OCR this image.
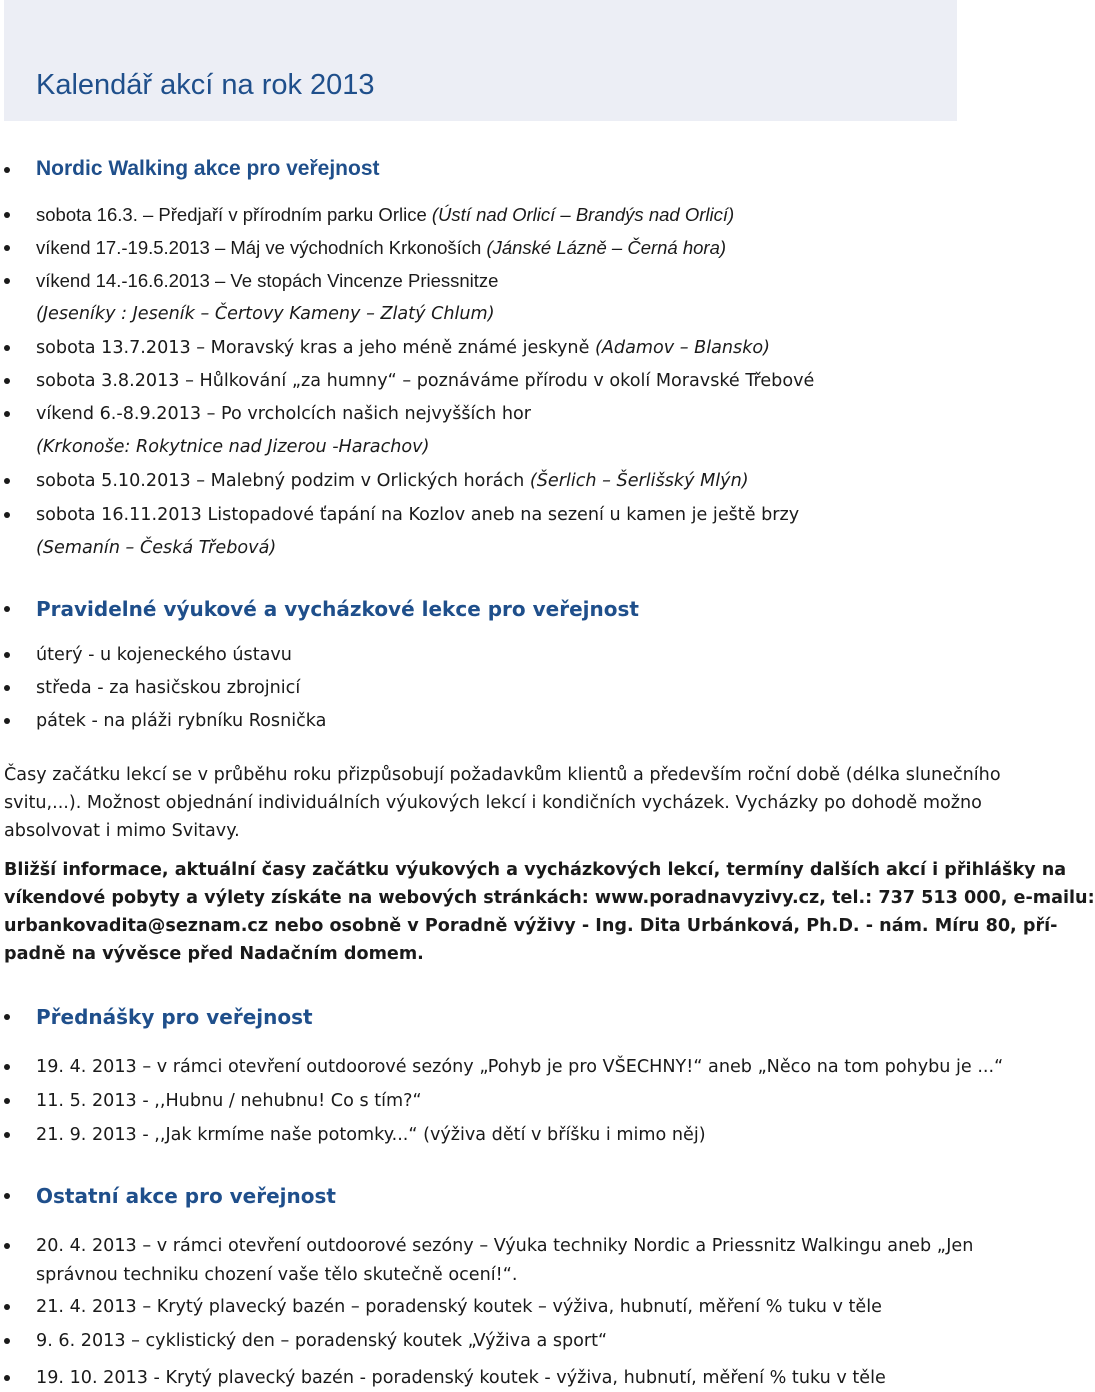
Kalendář akcí na rok 2013
Nordic Walking akce pro veřejnost
sobota 16.3. – Předjaří v přírodním parku Orlice (Ústí nad Orlicí – Brandýs nad Orlicí)
víkend 17.-19.5.2013 – Máj ve východních Krkonoších (Jánské Lázně – Černá hora)
víkend 14.-16.6.2013 – Ve stopách Vincenze Priessnitze
(Jeseníky : Jeseník – Čertovy Kameny – Zlatý Chlum)
sobota 13.7.2013 – Moravský kras a jeho méně známé jeskyně (Adamov – Blansko)
sobota 3.8.2013 – Hůlkování „za humny“ – poznáváme přírodu v okolí Moravské Třebové
víkend 6.-8.9.2013 – Po vrcholcích našich nejvyšších hor
(Krkonoše: Rokytnice nad Jizerou -Harachov)
sobota 5.10.2013 – Malebný podzim v Orlických horách (Šerlich – Šerlišský Mlýn)
sobota 16.11.2013 Listopadové ťapání na Kozlov aneb na sezení u kamen je ještě brzy
(Semanín – Česká Třebová)
Pravidelné výukové a vycházkové lekce pro veřejnost
úterý - u kojeneckého ústavu
středa - za hasičskou zbrojnicí
pátek - na pláži rybníku Rosnička

Časy začátku lekcí se v průběhu roku přizpůsobují požadavkům klientů a především roční době (délka slunečního

svitu,...). Možnost objednání individuálních výukových lekcí i kondičních vycházek. Vycházky po dohodě možno

absolvovat i mimo Svitavy.

Bližší informace, aktuální časy začátku výukových a vycházkových lekcí, termíny dalších akcí i přihlášky na

víkendové pobyty a výlety získáte na webových stránkách: www.poradnavyzivy.cz, tel.: 737 513 000, e-mailu:

urbankovadita@seznam.cz nebo osobně v Poradně výživy - Ing. Dita Urbánková, Ph.D. - nám. Míru 80, pří-

padně na vývěsce před Nadačním domem.

Přednášky pro veřejnost
19. 4. 2013 – v rámci otevření outdoorové sezóny „Pohyb je pro VŠECHNY!“ aneb „Něco na tom pohybu je ...“
11. 5. 2013 - ,,Hubnu / nehubnu! Co s tím?“
21. 9. 2013 - ,,Jak krmíme naše potomky...“ (výživa dětí v bříšku i mimo něj)
Ostatní akce pro veřejnost
20. 4. 2013 – v rámci otevření outdoorové sezóny – Výuka techniky Nordic a Priessnitz Walkingu aneb „Jen
správnou techniku chození vaše tělo skutečně ocení!“.
21. 4. 2013 – Krytý plavecký bazén – poradenský koutek – výživa, hubnutí, měření % tuku v těle
9. 6. 2013 – cyklistický den – poradenský koutek „Výživa a sport“
19. 10. 2013 - Krytý plavecký bazén - poradenský koutek - výživa, hubnutí, měření % tuku v těle
